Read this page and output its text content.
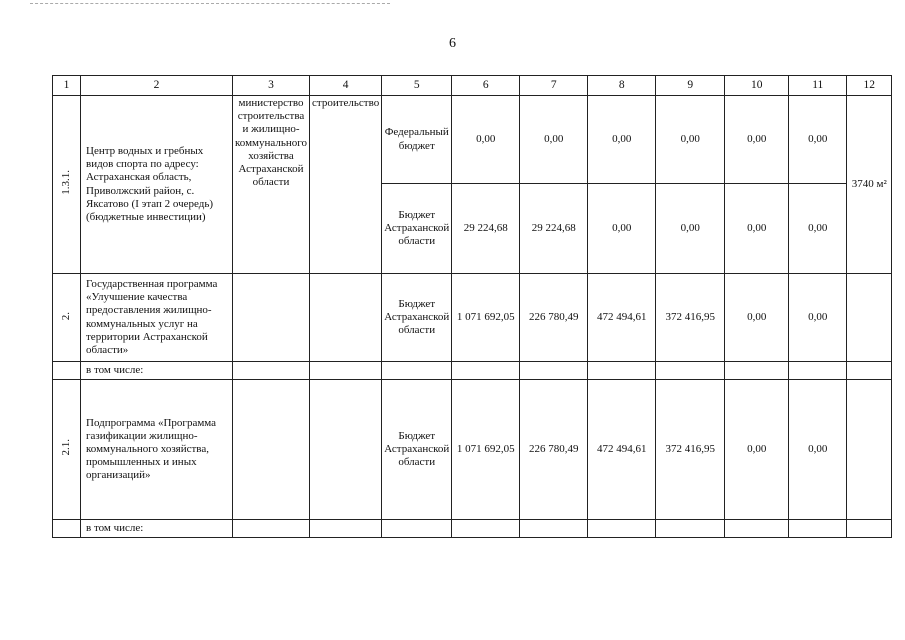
6
1	2	3	4	5	6	7	8	9	10	11	12
1.3.1.	Центр водных и гребных видов спорта по адресу: Астраханская область, Приволжский район, с. Яксатово (I этап 2 очередь) (бюджетные инвестиции)	министерство строительства и жилищно-коммунального хозяйства Астраханской области	строительство	Федеральный бюджет	0,00	0,00	0,00	0,00	0,00	0,00	3740 м²
				Бюджет Астраханской области	29 224,68	29 224,68	0,00	0,00	0,00	0,00	
2.	Государственная программа «Улучшение качества предоставления жилищно-коммунальных услуг на территории Астраханской области»			Бюджет Астраханской области	1 071 692,05	226 780,49	472 494,61	372 416,95	0,00	0,00	
	в том числе:										
2.1.	Подпрограмма «Программа газификации жилищно-коммунального хозяйства, промышленных и иных организаций»			Бюджет Астраханской области	1 071 692,05	226 780,49	472 494,61	372 416,95	0,00	0,00	
	в том числе:										
